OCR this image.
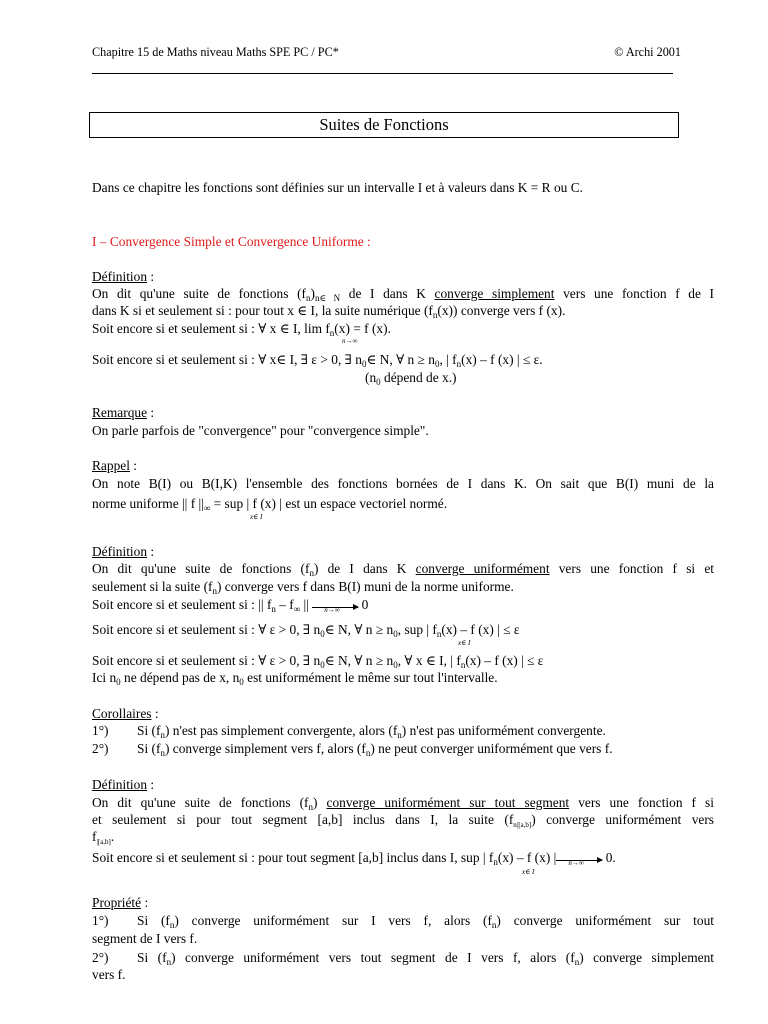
Chapitre 15 de Maths niveau Maths SPE PC / PC*	© Archi 2001
Suites de Fonctions
Dans ce chapitre les fonctions sont définies sur un intervalle I et à valeurs dans K = R ou C.
I – Convergence Simple et Convergence Uniforme :
Définition :
On dit qu'une suite de fonctions $(f_n)_{n\in N}$ de I dans K converge simplement vers une fonction f de I
dans K si et seulement si : pour tout x ∈ I, la suite numérique $(f_n(x))$ converge vers f (x).
Soit encore si et seulement si : ∀ x ∈ I, $\lim f_n(x) = f$ (x).
n→∞
Soit encore si et seulement si : ∀ x∈ I, ∃ ε > 0, ∃ $n_0\in$ N, ∀ $n \ge n_0$, | $f_n(x)$ – f (x) | ≤ ε.
($n_0$ dépend de x.)
Remarque :
On parle parfois de "convergence" pour "convergence simple".
Rappel :
On note B(I) ou B(I,K) l'ensemble des fonctions bornées de I dans K. On sait que B(I) muni de la
norme uniforme || f $||_\infty$ = sup | f (x) | est un espace vectoriel normé.
x∈ I
Définition :
On dit qu'une suite de fonctions $(f_n)$ de I dans K converge uniformément vers une fonction f si et
seulement si la suite $(f_n)$ converge vers f dans B(I) muni de la norme uniforme.
Soit encore si et seulement si : || $f_n - f_\infty$ || n→∞ 0
Soit encore si et seulement si : ∀ ε > 0, ∃ $n_0\in$ N, ∀ $n \ge n_0$, sup | $f_n(x)$ – f (x) | ≤ ε
x∈ I
Soit encore si et seulement si : ∀ ε > 0, ∃ $n_0\in$ N, ∀ $n \ge n_0$, ∀ x ∈ I, | $f_n(x)$ – f (x) | ≤ ε
Ici $n_0$ ne dépend pas de x, $n_0$ est uniformément le même sur tout l'intervalle.
Corollaires :
1°) Si $(f_n)$ n'est pas simplement convergente, alors $(f_n)$ n'est pas uniformément convergente.
2°) Si $(f_n)$ converge simplement vers f, alors $(f_n)$ ne peut converger uniformément que vers f.
Définition :
On dit qu'une suite de fonctions $(f_n)$ converge uniformément sur tout segment vers une fonction f si
et seulement si pour tout segment [a,b] inclus dans I, la suite $(f_{n|[a,b]})$ converge uniformément vers
$f_{|[a,b]}$.
Soit encore si et seulement si : pour tout segment [a,b] inclus dans I, sup | $f_n(x)$ – f (x) | n→∞ 0.
x∈ I
Propriété :
1°) Si $(f_n)$ converge uniformément sur I vers f, alors $(f_n)$ converge uniformément sur tout
segment de I vers f.
2°) Si $(f_n)$ converge uniformément vers tout segment de I vers f, alors $(f_n)$ converge simplement
vers f.
